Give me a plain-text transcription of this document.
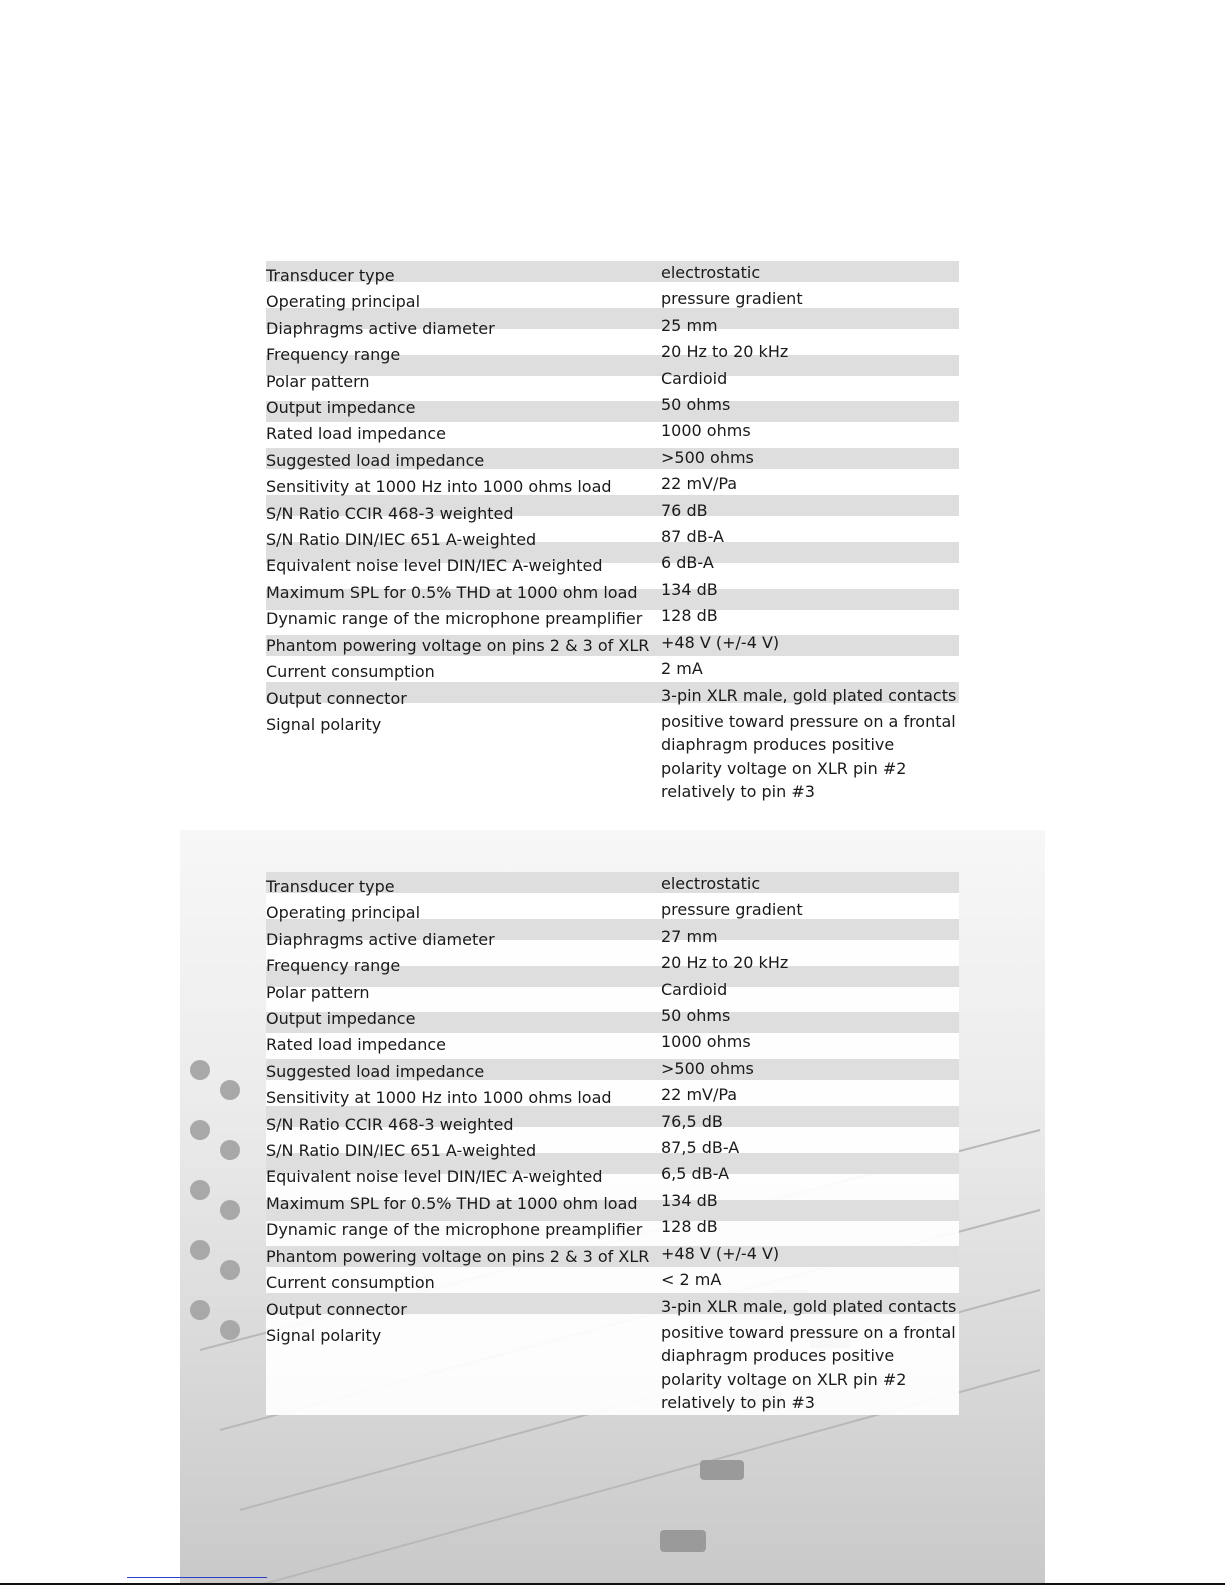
Transducer type	electrostatic
Operating principal	pressure gradient
Diaphragms active diameter	25 mm
Frequency range	20 Hz to 20 kHz
Polar pattern	Cardioid
Output impedance	50 ohms
Rated load impedance	1000 ohms
Suggested load impedance	>500 ohms
Sensitivity at 1000 Hz into 1000 ohms load	22 mV/Pa
S/N Ratio CCIR 468-3 weighted	76 dB
S/N Ratio DIN/IEC 651 A-weighted	87 dB-A
Equivalent noise level DIN/IEC A-weighted	6 dB-A
Maximum SPL for 0.5% THD at 1000 ohm load	134 dB
Dynamic range of the microphone preamplifier	128 dB
Phantom powering voltage on pins 2 & 3 of XLR +48 V (+/-4 V)
Current consumption	2 mA
Output connector	3-pin XLR male, gold plated contacts
Signal polarity	positive toward pressure on a frontal diaphragm produces positive polarity voltage on XLR pin #2 relatively to pin #3
Transducer type	electrostatic
Operating principal	pressure gradient
Diaphragms active diameter	27 mm
Frequency range	20 Hz to 20 kHz
Polar pattern	Cardioid
Output impedance	50 ohms
Rated load impedance	1000 ohms
Suggested load impedance	>500 ohms
Sensitivity at 1000 Hz into 1000 ohms load	22 mV/Pa
S/N Ratio CCIR 468-3 weighted	76,5 dB
S/N Ratio DIN/IEC 651 A-weighted	87,5 dB-A
Equivalent noise level DIN/IEC A-weighted	6,5 dB-A
Maximum SPL for 0.5% THD at 1000 ohm load	134 dB
Dynamic range of the microphone preamplifier	128 dB
Phantom powering voltage on pins 2 & 3 of XLR +48 V (+/-4 V)
Current consumption	< 2 mA
Output connector	3-pin XLR male, gold plated contacts
Signal polarity	positive toward pressure on a frontal diaphragm produces positive polarity voltage on XLR pin #2 relatively to pin #3
